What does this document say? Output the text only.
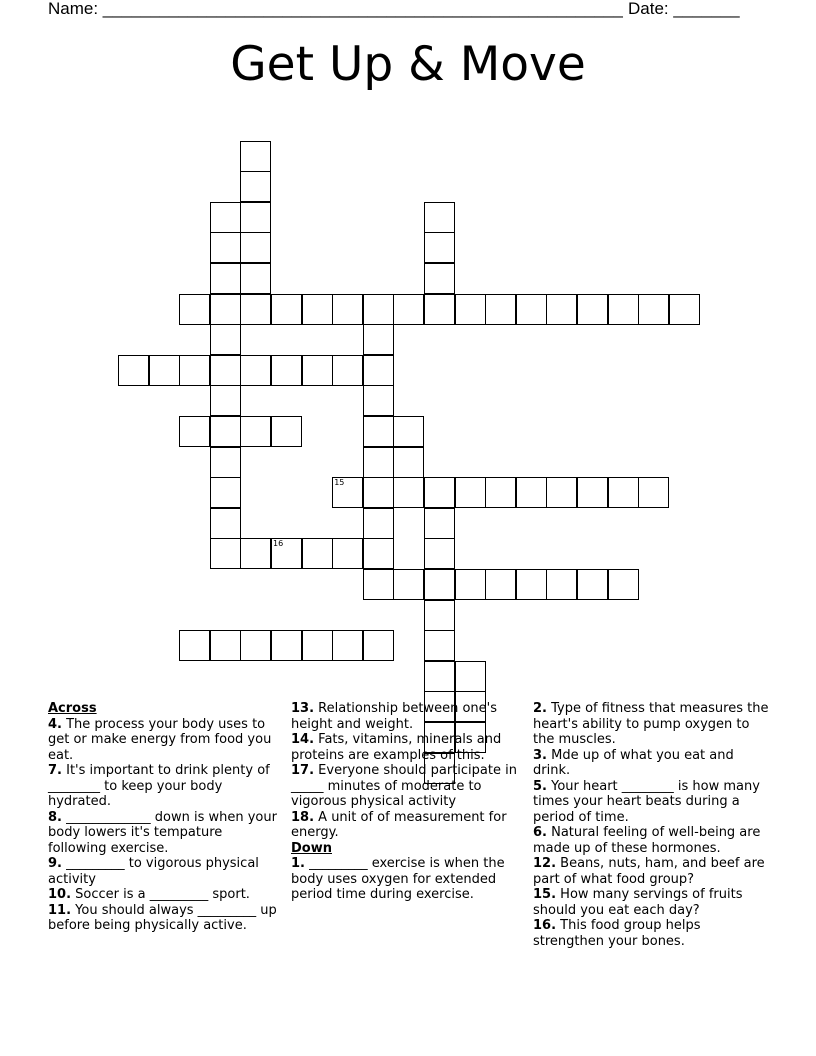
Name: _______________________________________________________ Date: _______
Get Up & Move
16
15
Across
4. The process your body uses to get or make energy from food you eat.
7. It's important to drink plenty of ________ to keep your body hydrated.
8. _____________ down is when your body lowers it's tempature following exercise.
9. _________ to vigorous physical activity
10. Soccer is a _________ sport.
11. You should always _________ up before being physically active.
13. Relationship between one's height and weight.
14. Fats, vitamins, minerals and proteins are examples of this.
17. Everyone should participate in _____ minutes of moderate to vigorous physical activity
18. A unit of of measurement for energy.
Down
1. _________ exercise is when the body uses oxygen for extended period time during exercise.
2. Type of fitness that measures the heart's ability to pump oxygen to the muscles.
3. Mde up of what you eat and drink.
5. Your heart ________ is how many times your heart beats during a period of time.
6. Natural feeling of well-being are made up of these hormones.
12. Beans, nuts, ham, and beef are part of what food group?
15. How many servings of fruits should you eat each day?
16. This food group helps strengthen your bones.
